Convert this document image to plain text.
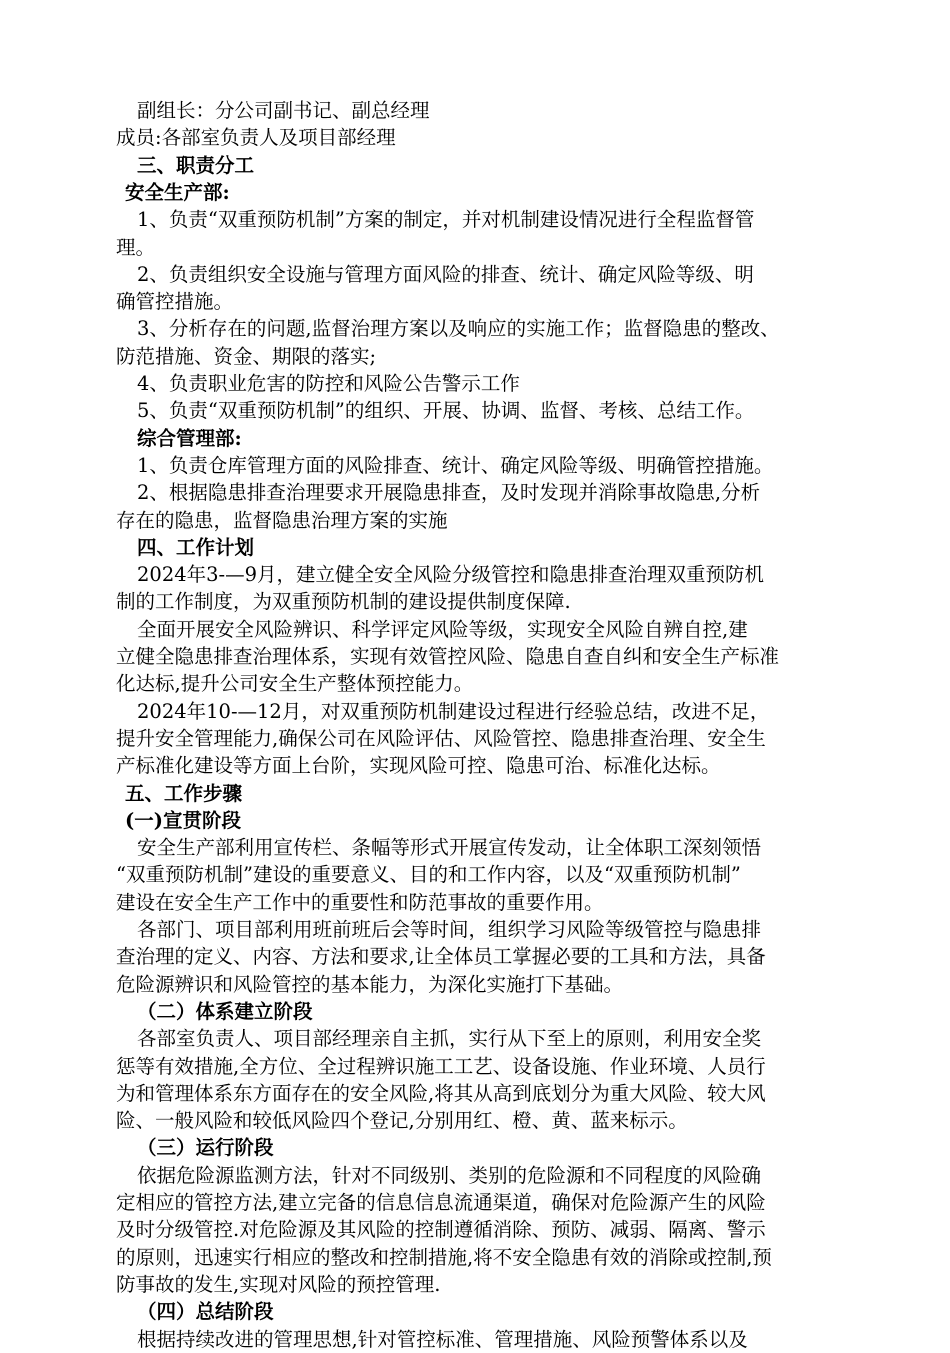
副组长：分公司副书记、副总经理
成员:各部室负责人及项目部经理
三、职责分工
安全生产部:
1、负责“双重预防机制”方案的制定，并对机制建设情况进行全程监督管
理。
2、负责组织安全设施与管理方面风险的排查、统计、确定风险等级、明
确管控措施。
3、分析存在的问题,监督治理方案以及响应的实施工作；监督隐患的整改、
防范措施、资金、期限的落实;
4、负责职业危害的防控和风险公告警示工作
5、负责“双重预防机制”的组织、开展、协调、监督、考核、总结工作。
综合管理部:
1、负责仓库管理方面的风险排查、统计、确定风险等级、明确管控措施。
2、根据隐患排查治理要求开展隐患排查，及时发现并消除事故隐患,分析
存在的隐患，监督隐患治理方案的实施
四、工作计划
2024年3-—9月，建立健全安全风险分级管控和隐患排查治理双重预防机
制的工作制度，为双重预防机制的建设提供制度保障.
全面开展安全风险辨识、科学评定风险等级，实现安全风险自辨自控,建
立健全隐患排查治理体系，实现有效管控风险、隐患自查自纠和安全生产标准
化达标,提升公司安全生产整体预控能力。
2024年10-—12月，对双重预防机制建设过程进行经验总结，改进不足，
提升安全管理能力,确保公司在风险评估、风险管控、隐患排查治理、安全生
产标准化建设等方面上台阶，实现风险可控、隐患可治、标准化达标。
五、工作步骤
(一)宣贯阶段
安全生产部利用宣传栏、条幅等形式开展宣传发动，让全体职工深刻领悟
“双重预防机制”建设的重要意义、目的和工作内容，以及“双重预防机制”
建设在安全生产工作中的重要性和防范事故的重要作用。
各部门、项目部利用班前班后会等时间，组织学习风险等级管控与隐患排
查治理的定义、内容、方法和要求,让全体员工掌握必要的工具和方法，具备
危险源辨识和风险管控的基本能力，为深化实施打下基础。
（二）体系建立阶段
各部室负责人、项目部经理亲自主抓，实行从下至上的原则，利用安全奖
惩等有效措施,全方位、全过程辨识施工工艺、设备设施、作业环境、人员行
为和管理体系东方面存在的安全风险,将其从高到底划分为重大风险、较大风
险、一般风险和较低风险四个登记,分别用红、橙、黄、蓝来标示。
（三）运行阶段
依据危险源监测方法，针对不同级别、类别的危险源和不同程度的风险确
定相应的管控方法,建立完备的信息信息流通渠道，确保对危险源产生的风险
及时分级管控.对危险源及其风险的控制遵循消除、预防、减弱、隔离、警示
的原则，迅速实行相应的整改和控制措施,将不安全隐患有效的消除或控制,预
防事故的发生,实现对风险的预控管理.
（四）总结阶段
根据持续改进的管理思想,针对管控标准、管理措施、风险预警体系以及
